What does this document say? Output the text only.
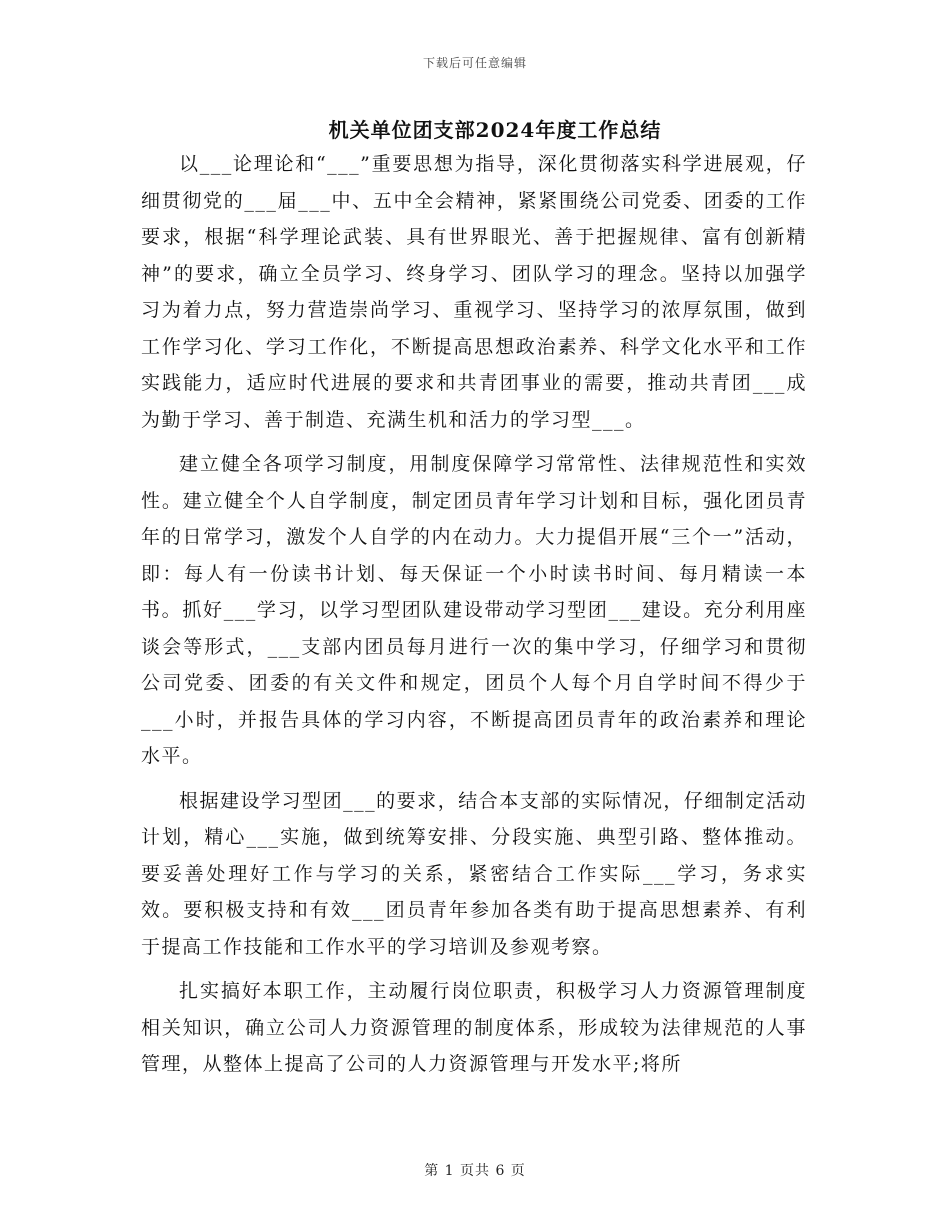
下载后可任意编辑
机关单位团支部2024年度工作总结

以___论理论和“___”重要思想为指导，深化贯彻落实科学进展观，仔细贯彻党的___届___中、五中全会精神，紧紧围绕公司党委、团委的工作要求，根据“科学理论武装、具有世界眼光、善于把握规律、富有创新精神”的要求，确立全员学习、终身学习、团队学习的理念。坚持以加强学习为着力点，努力营造崇尚学习、重视学习、坚持学习的浓厚氛围，做到工作学习化、学习工作化，不断提高思想政治素养、科学文化水平和工作实践能力，适应时代进展的要求和共青团事业的需要，推动共青团___成为勤于学习、善于制造、充满生机和活力的学习型___。

建立健全各项学习制度，用制度保障学习常常性、法律规范性和实效性。建立健全个人自学制度，制定团员青年学习计划和目标，强化团员青年的日常学习，激发个人自学的内在动力。大力提倡开展“三个一”活动，即：每人有一份读书计划、每天保证一个小时读书时间、每月精读一本书。抓好___学习，以学习型团队建设带动学习型团___建设。充分利用座谈会等形式，___支部内团员每月进行一次的集中学习，仔细学习和贯彻公司党委、团委的有关文件和规定，团员个人每个月自学时间不得少于___小时，并报告具体的学习内容，不断提高团员青年的政治素养和理论水平。

根据建设学习型团___的要求，结合本支部的实际情况，仔细制定活动计划，精心___实施，做到统筹安排、分段实施、典型引路、整体推动。要妥善处理好工作与学习的关系，紧密结合工作实际___学习，务求实效。要积极支持和有效___团员青年参加各类有助于提高思想素养、有利于提高工作技能和工作水平的学习培训及参观考察。

扎实搞好本职工作，主动履行岗位职责，积极学习人力资源管理制度相关知识，确立公司人力资源管理的制度体系，形成较为法律规范的人事管理，从整体上提高了公司的人力资源管理与开发水平;将所

第 1 页共 6 页
